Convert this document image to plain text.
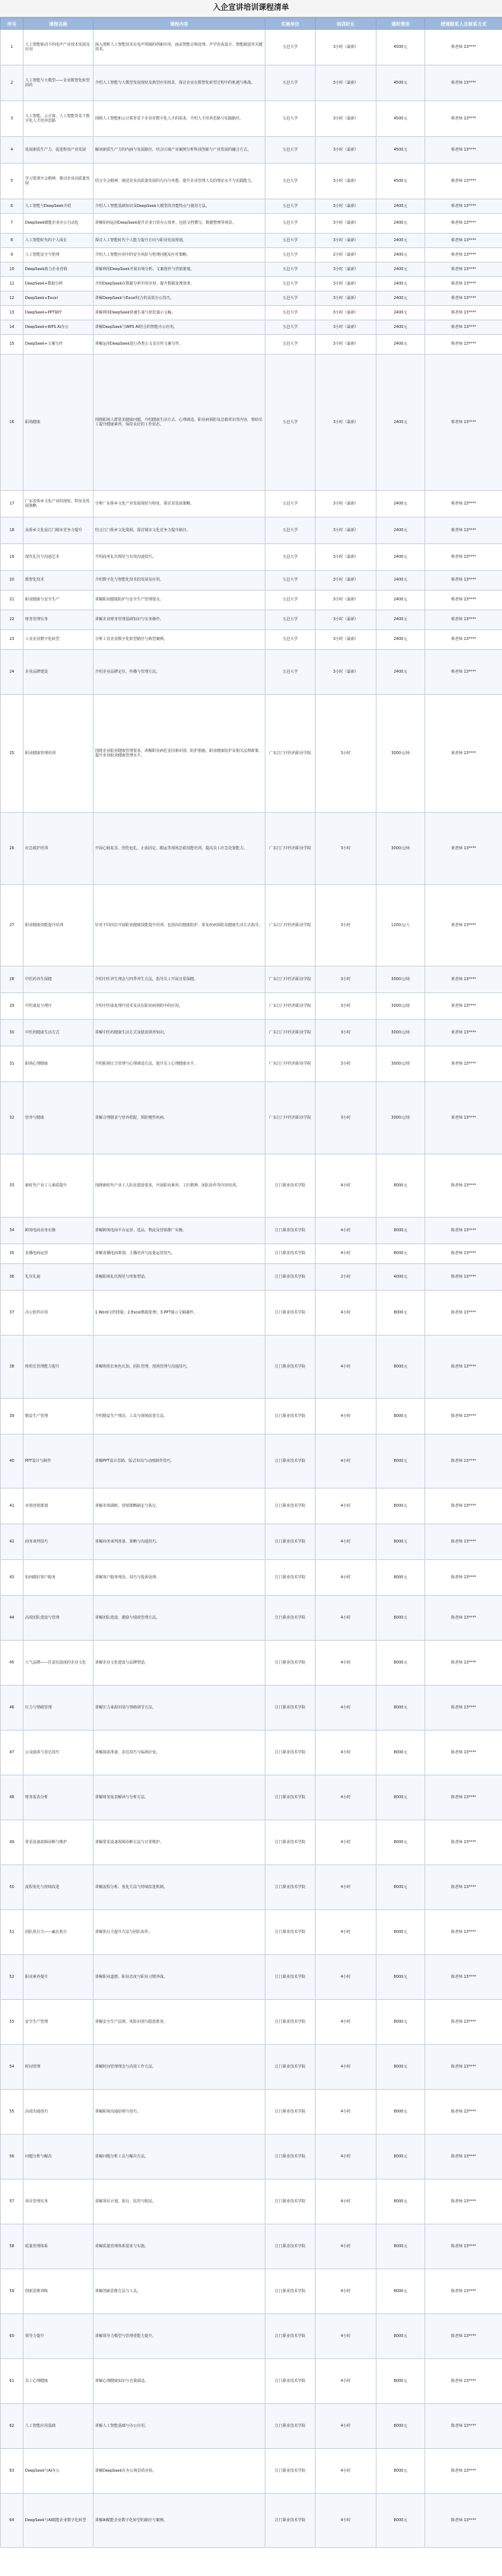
入企宣讲培训课程清单
序号	课程名称	课程内容	实施单位	培训时长	课时费用	授课联系人及联系方式
1	人工智能驱动下的电声产业技术发展及应用	深入剖析人工智能技术在电声领域的创新应用，涵盖智能音频处理、声学仿真设计、智能制造等关键技术。	五邑大学	3小时（最新）	4500元	蔡老师 13****
2	人工智能与大模型——企业数智化转型前沿	介绍人工智能与大模型发展现状及典型应用场景，探讨企业在数智化转型过程中的机遇与挑战。	五邑大学	3小时（最新）	4500元	蔡老师 13****
3	人工智能、云计算、人工智能背景下数字化人才培养思路	围绕人工智能和云计算背景下企业对数字化人才的需求，介绍人才培养思路与实践路径。	五邑大学	3小时（最新）	4500元	蔡老师 13****
4	发展新质生产力，促进科技产业发展	解读新质生产力的内涵与发展路径，结合区域产业案例分析科技创新与产业发展的融合方式。	五邑大学	3小时（最新）	4500元	蔡老师 13****
5	学习贯彻全会精神，推动企业高质量发展	结合全会精神，阐述企业高质量发展的方向与举措，提升企业管理人员的理论水平与实践能力。	五邑大学	3小时（最新）	4500元	蔡老师 13****
6	人工智能与DeepSeek介绍	介绍人工智能基础知识及DeepSeek大模型的功能特点与使用方法。	五邑大学	3小时（最新）	2400元	蔡老师 13****
7	DeepSeek赋能企业办公自动化	讲解如何运用DeepSeek提升企业日常办公效率，包括文档撰写、数据整理等场景。	五邑大学	3小时（最新）	2400元	蔡老师 13****
8	人工智能时代的个人成长	探讨人工智能时代个人能力提升方向与职业发展规划。	五邑大学	3小时（最新）	2400元	蔡老师 13****
9	人工智能安全与伦理	介绍人工智能应用中的安全风险与伦理问题及应对策略。	五邑大学	2小时（最新）	2400元	蔡老师 13****
10	DeepSeek助力企业营销	讲解利用DeepSeek开展市场分析、文案创作与营销策划。	五邑大学	3小时（最新）	2400元	蔡老师 13****
11	DeepSeek+数据分析	介绍DeepSeek在数据分析中的应用，提升数据处理效率。	五邑大学	3小时（最新）	2400元	蔡老师 13****
12	DeepSeek+Excel	讲解DeepSeek与Excel结合的高效办公技巧。	五邑大学	3小时（最新）	2400元	蔡老师 13****
13	DeepSeek+PPT制作	讲解利用DeepSeek快速生成与优化演示文稿。	五邑大学	3小时（最新）	2400元	蔡老师 13****
14	DeepSeek+WPS AI办公	讲解DeepSeek与WPS AI结合的智能办公应用。	五邑大学	3小时（最新）	2400元	蔡老师 13****
15	DeepSeek+文案写作	讲解运用DeepSeek进行各类公文及宣传文案写作。	五邑大学	3小时（最新）	2400元	蔡老师 13****
16	职场健康	围绕职场人群常见健康问题，介绍健康生活方式、心理调适、职业病预防及急救常识等内容，帮助员工提升健康素养，保持良好的工作状态。	五邑大学	3小时（最新）	2400元	蔡老师 13****
17	广东省侨乡文化产业的现状、特征及发展策略	分析广东侨乡文化产业发展现状与特征，探讨其发展策略。	五邑大学	3小时（最新）	2400元	蔡老师 13****
18	从侨乡文化看江门城市竞争力提升	结合江门侨乡文化资源，探讨城市文化竞争力提升路径。	五邑大学	3小时（最新）	2400元	蔡老师 13****
19	现代礼仪与沟通艺术	介绍商务礼仪规范与有效沟通技巧。	五邑大学	3小时（最新）	2400元	蔡老师 13****
20	数智化技术	介绍数字化与智能化技术的发展及应用。	五邑大学	3小时（最新）	2400元	蔡老师 13****
21	职业健康与安全生产	讲解职业健康防护与安全生产管理要点。	五邑大学	3小时（最新）	2400元	蔡老师 13****
22	财务管理实务	讲解企业财务管理基础知识与实务操作。	五邑大学	3小时（最新）	2400元	蔡老师 13****
23	工业企业数字化转型	分析工业企业数字化转型路径与典型案例。	五邑大学	3小时（最新）	2400元	蔡老师 13****
24	企业品牌建设	介绍企业品牌定位、传播与管理方法。	五邑大学	3小时（最新）	2400元	蔡老师 13****
25	职业健康管理培训	围绕企业职业健康管理要求，讲解职业病危害因素识别、防护措施、职业健康监护及相关法规政策，提升企业职业健康管理水平。	广东江门中医药职业学院	3小时	3000元/场	黄老师 13****
26	应急救护培训	开展心肺复苏、创伤包扎、止血固定、搬运等现场急救技能培训，提高员工应急处置能力。	广东江门中医药职业学院	3小时	3000元/场	黄老师 13****
27	职业健康技能提升培训	针对不同岗位开展职业健康技能提升培训，包括岗位健康防护、常见疾病预防及健康生活方式指导。	广东江门中医药职业学院	3小时	1200元/人	黄老师 13****
28	中医药养生保健	介绍中医养生理念与四季养生方法，指导员工开展日常保健。	广东江门中医药职业学院	3小时	3000元/场	黄老师 13****
29	中医康复与理疗	介绍中医康复理疗技术及其在职业病预防中的应用。	广东江门中医药职业学院	3小时	3000元/场	黄老师 13****
30	中医药健康生活方式	讲解中医药健康生活方式及膳食调养知识。	广东江门中医药职业学院	3小时	3000元/场	黄老师 13****
31	职场心理健康	介绍职场压力管理与心理调适方法，提升员工心理健康水平。	广东江门中医药职业学院	3小时	3000元/场	黄老师 13****
32	营养与健康	讲解合理膳食与营养搭配，预防慢性疾病。	广东江门中医药职业学院	3小时	3000元/场	黄老师 13****
33	新时代产业工人素质提升	围绕新时代产业工人队伍建设要求，开展职业素养、工匠精神、团队协作等内容培训。	江门职业技术学院	4小时	8000元	陈老师 13****
34	跨境电商业务实操	讲解跨境电商平台运营、选品、物流及营销推广实操。	江门职业技术学院	4小时	8000元	陈老师 13****
35	直播电商运营	讲解直播电商策划、主播培养与流量运营技巧。	江门职业技术学院	4小时	8000元	陈老师 13****
36	礼仪礼貌	讲解职场礼仪规范与形象塑造。	江门职业技术学院	2小时	4000元	陈老师 13****
37	办公软件应用	1.Word文档排版；2.Excel数据处理；3.PPT演示文稿制作。	江门职业技术学院	4小时	8000元	陈老师 13****
38	班组长管理能力提升	讲解班组长角色认知、团队管理、现场管理与沟通技巧。	江门职业技术学院	4小时	8000元	陈老师 13****
39	精益生产管理	介绍精益生产理念、工具与现场改善方法。	江门职业技术学院	4小时	8000元	陈老师 13****
40	PPT设计与制作	讲解PPT设计思路、版式布局与动画制作技巧。	江门职业技术学院	4小时	8000元	陈老师 13****
41	市场营销策划	讲解市场调研、营销策略制定与执行。	江门职业技术学院	4小时	8000元	陈老师 13****
42	商务谈判技巧	讲解商务谈判准备、策略与沟通技巧。	江门职业技术学院	4小时	8000元	陈老师 13****
43	如何做好客户服务	讲解客户服务理念、技巧与投诉处理。	江门职业技术学院	4小时	8000元	陈老师 13****
44	高效团队建设与管理	讲解团队建设、激励与绩效管理方法。	江门职业技术学院	4小时	8000元	陈老师 13****
45	人气品牌——打造有温度的企业文化	讲解企业文化建设与品牌塑造。	江门职业技术学院	4小时	8000元	陈老师 13****
46	压力与情绪管理	讲解压力来源识别与情绪调节方法。	江门职业技术学院	4小时	8000元	陈老师 13****
47	公众演讲与表达技巧	讲解演讲准备、表达技巧与临场应变。	江门职业技术学院	4小时	8000元	陈老师 13****
48	财务报表分析	讲解财务报表解读与分析方法。	江门职业技术学院	4小时	8000元	陈老师 13****
49	常见设备故障诊断与维护	讲解常见设备故障诊断方法与日常维护。	江门职业技术学院	4小时	8000元	陈老师 13****
50	流程优化与持续改进	讲解流程分析、优化方法与持续改进机制。	江门职业技术学院	4小时	8000元	陈老师 13****
51	团队执行力——赢在执行	讲解执行力提升方法与团队协作。	江门职业技术学院	4小时	8000元	陈老师 13****
52	职业素养提升	讲解职业道德、职业态度与职业习惯养成。	江门职业技术学院	4小时	8000元	陈老师 13****
53	安全生产管理	讲解安全生产法规、风险识别与隐患排查。	江门职业技术学院	4小时	8000元	陈老师 13****
54	时间管理	讲解时间管理理念与高效工作方法。	江门职业技术学院	4小时	8000元	陈老师 13****
55	高效沟通技巧	讲解职场沟通原则与技巧。	江门职业技术学院	4小时	8000元	陈老师 13****
56	问题分析与解决	讲解问题分析工具与解决方法。	江门职业技术学院	4小时	8000元	陈老师 13****
57	项目管理实务	讲解项目计划、执行、监控与收尾。	江门职业技术学院	4小时	8000元	陈老师 13****
58	质量管理体系	讲解质量管理体系要求与实施。	江门职业技术学院	4小时	8000元	陈老师 13****
59	创新思维训练	讲解创新思维方法与工具。	江门职业技术学院	4小时	8000元	陈老师 13****
60	领导力提升	讲解领导力模型与管理者能力提升。	江门职业技术学院	4小时	8000元	陈老师 13****
61	员工心理健康	讲解心理健康知识与自我调适。	江门职业技术学院	4小时	8000元	陈老师 13****
62	人工智能应用基础	讲解人工智能基础与办公应用。	江门职业技术学院	4小时	8000元	陈老师 13****
63	DeepSeek与AI办公	讲解DeepSeek在办公场景的应用。	江门职业技术学院	4小时	8000元	陈老师 13****
64	DeepSeek与AI赋能企业数字化转型	讲解AI赋能企业数字化转型的路径与案例。	江门职业技术学院	4小时	8000元	陈老师 13****
